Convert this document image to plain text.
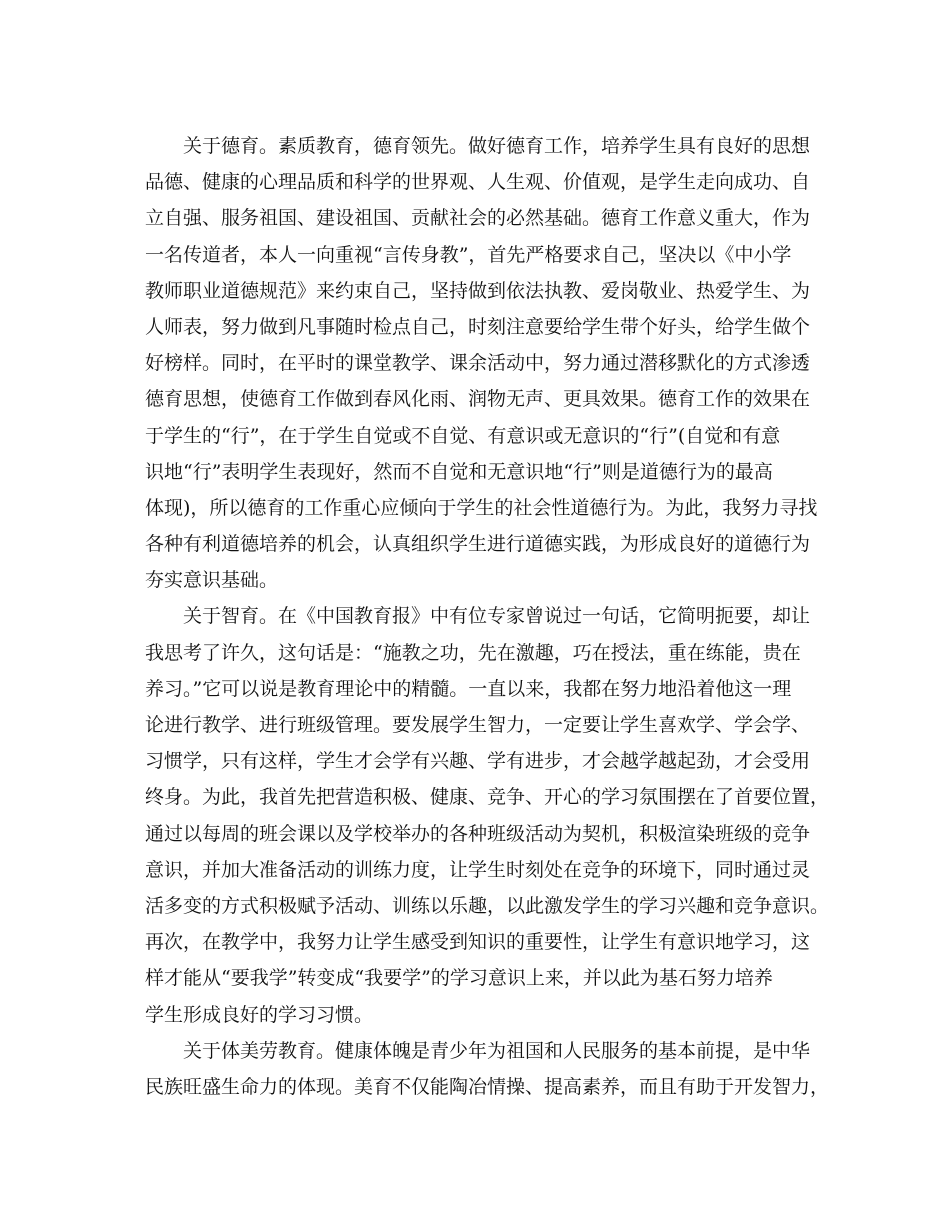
关于德育。素质教育，德育领先。做好德育工作，培养学生具有良好的思想
品德、健康的心理品质和科学的世界观、人生观、价值观，是学生走向成功、自
立自强、服务祖国、建设祖国、贡献社会的必然基础。德育工作意义重大，作为
一名传道者，本人一向重视“言传身教”，首先严格要求自己，坚决以《中小学
教师职业道德规范》来约束自己，坚持做到依法执教、爱岗敬业、热爱学生、为
人师表，努力做到凡事随时检点自己，时刻注意要给学生带个好头，给学生做个
好榜样。同时，在平时的课堂教学、课余活动中，努力通过潜移默化的方式渗透
德育思想，使德育工作做到春风化雨、润物无声、更具效果。德育工作的效果在
于学生的“行”，在于学生自觉或不自觉、有意识或无意识的“行”(自觉和有意
识地“行”表明学生表现好，然而不自觉和无意识地“行”则是道德行为的最高
体现)，所以德育的工作重心应倾向于学生的社会性道德行为。为此，我努力寻找
各种有利道德培养的机会，认真组织学生进行道德实践，为形成良好的道德行为
夯实意识基础。
关于智育。在《中国教育报》中有位专家曾说过一句话，它简明扼要，却让
我思考了许久，这句话是：“施教之功，先在激趣，巧在授法，重在练能，贵在
养习。”它可以说是教育理论中的精髓。一直以来，我都在努力地沿着他这一理
论进行教学、进行班级管理。要发展学生智力，一定要让学生喜欢学、学会学、
习惯学，只有这样，学生才会学有兴趣、学有进步，才会越学越起劲，才会受用
终身。为此，我首先把营造积极、健康、竞争、开心的学习氛围摆在了首要位置，
通过以每周的班会课以及学校举办的各种班级活动为契机，积极渲染班级的竞争
意识，并加大准备活动的训练力度，让学生时刻处在竞争的环境下，同时通过灵
活多变的方式积极赋予活动、训练以乐趣，以此激发学生的学习兴趣和竞争意识。
再次，在教学中，我努力让学生感受到知识的重要性，让学生有意识地学习，这
样才能从“要我学”转变成“我要学”的学习意识上来，并以此为基石努力培养
学生形成良好的学习习惯。
关于体美劳教育。健康体魄是青少年为祖国和人民服务的基本前提，是中华
民族旺盛生命力的体现。美育不仅能陶冶情操、提高素养，而且有助于开发智力，
